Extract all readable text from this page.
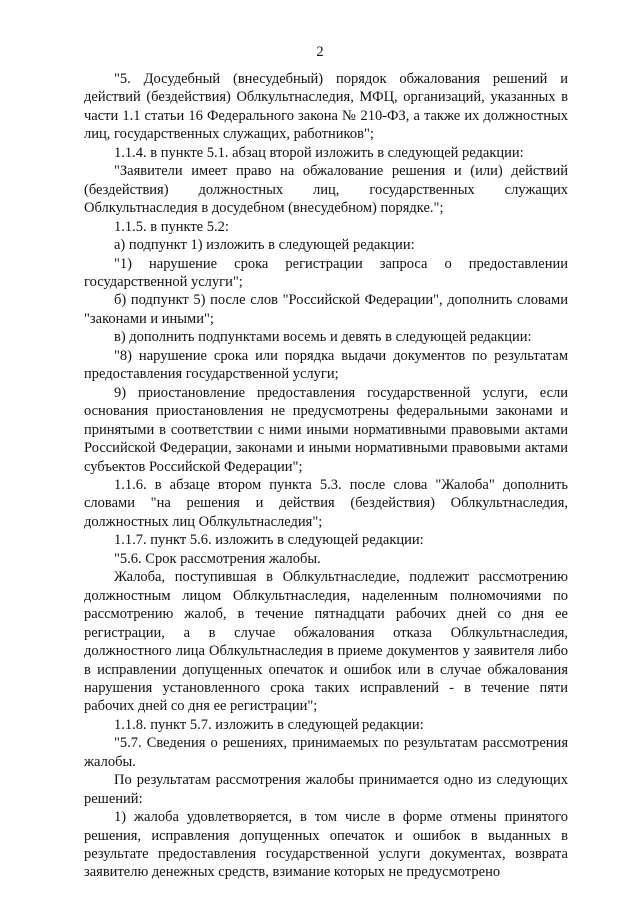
2

"5. Досудебный (внесудебный) порядок обжалования решений и действий (бездействия) Облкультнаследия, МФЦ, организаций, указанных в части 1.1 статьи 16 Федерального закона № 210-ФЗ, а также их должностных лиц, государственных служащих, работников";

1.1.4. в пункте 5.1. абзац второй изложить в следующей редакции:

"Заявители имеет право на обжалование решения и (или) действий (бездействия) должностных лиц, государственных служащих Облкультнаследия в досудебном (внесудебном) порядке.";

1.1.5. в пункте 5.2:

а) подпункт 1) изложить в следующей редакции:

"1) нарушение срока регистрации запроса о предоставлении государственной услуги";

б) подпункт 5) после слов "Российской Федерации", дополнить словами "законами и иными";

в) дополнить подпунктами восемь и девять в следующей редакции:

"8) нарушение срока или порядка выдачи документов по результатам предоставления государственной услуги;

9) приостановление предоставления государственной услуги, если основания приостановления не предусмотрены федеральными законами и принятыми в соответствии с ними иными нормативными правовыми актами Российской Федерации, законами и иными нормативными правовыми актами субъектов Российской Федерации";

1.1.6. в абзаце втором пункта 5.3. после слова "Жалоба" дополнить словами "на решения и действия (бездействия) Облкультнаследия, должностных лиц Облкультнаследия";

1.1.7. пункт 5.6. изложить в следующей редакции:

"5.6. Срок рассмотрения жалобы.

Жалоба, поступившая в Облкультнаследие, подлежит рассмотрению должностным лицом Облкультнаследия, наделенным полномочиями по рассмотрению жалоб, в течение пятнадцати рабочих дней со дня ее регистрации, а в случае обжалования отказа Облкультнаследия, должностного лица Облкультнаследия в приеме документов у заявителя либо в исправлении допущенных опечаток и ошибок или в случае обжалования нарушения установленного срока таких исправлений - в течение пяти рабочих дней со дня ее регистрации";

1.1.8. пункт 5.7. изложить в следующей редакции:

"5.7. Сведения о решениях, принимаемых по результатам рассмотрения жалобы.

По результатам рассмотрения жалобы принимается одно из следующих решений:

1) жалоба удовлетворяется, в том числе в форме отмены принятого решения, исправления допущенных опечаток и ошибок в выданных в результате предоставления государственной услуги документах, возврата заявителю денежных средств, взимание которых не предусмотрено
